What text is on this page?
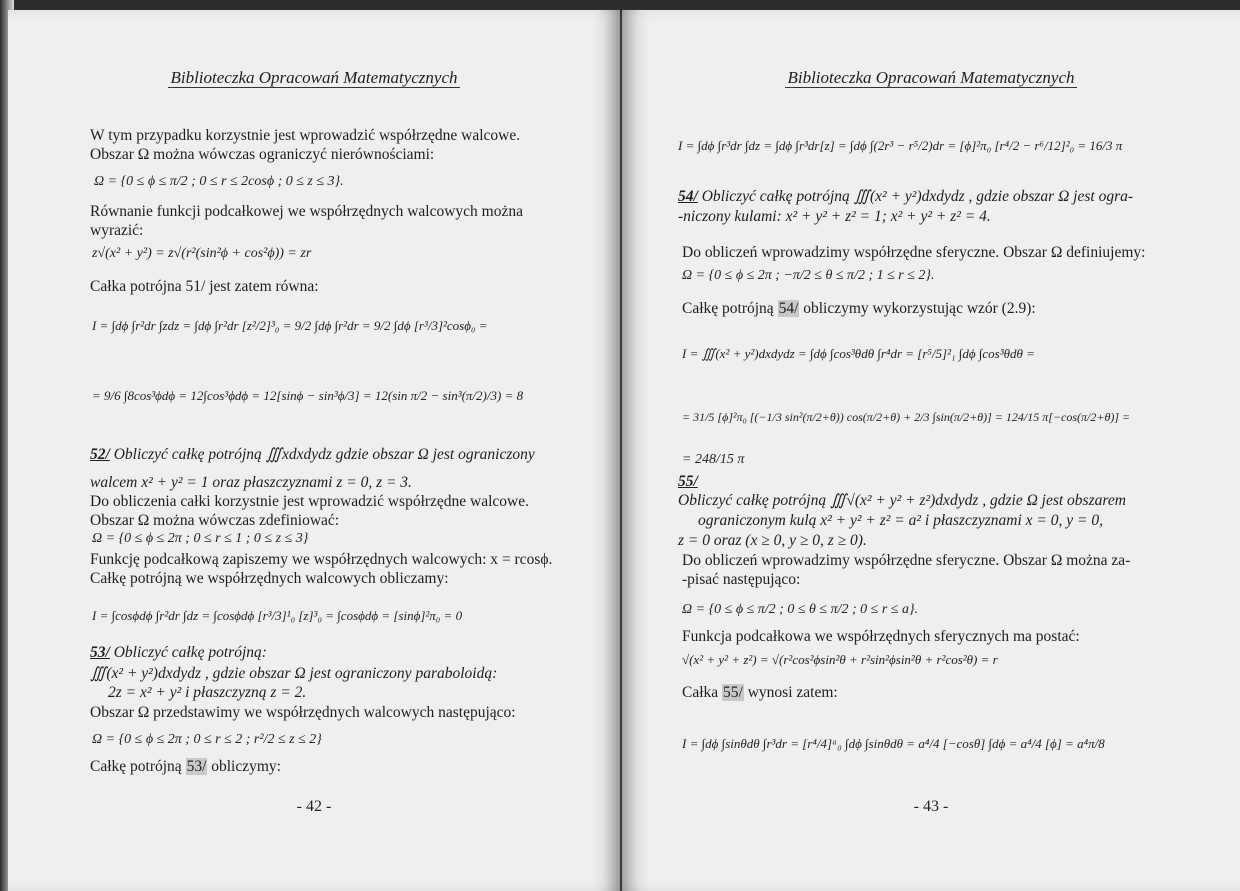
Biblioteczka Opracowań Matematycznych
W tym przypadku korzystnie jest wprowadzić współrzędne walcowe.
Obszar Ω można wówczas ograniczyć nierównościami:
Ω = {0 ≤ ϕ ≤ π/2 ; 0 ≤ r ≤ 2cosϕ ; 0 ≤ z ≤ 3}.
Równanie funkcji podcałkowej we współrzędnych walcowych można
wyrazić:
z√(x² + y²) = z√(r²(sin²ϕ + cos²ϕ)) = zr
Całka potrójna 51/ jest zatem równa:
I = ∫dϕ ∫r²dr ∫zdz = ∫dϕ ∫r²dr [z²/2]³₀ = 9/2 ∫dϕ ∫r²dr = 9/2 ∫dϕ [r³/3]²cosϕ₀ =
= 9/6 ∫8cos³ϕdϕ = 12∫cos³ϕdϕ = 12[sinϕ − sin³ϕ/3] = 12(sin π/2 − sin³(π/2)/3) = 8
52/ Obliczyć całkę potrójną ∭xdxdydz gdzie obszar Ω jest ograniczony
walcem x² + y² = 1 oraz płaszczyznami z = 0, z = 3.
Do obliczenia całki korzystnie jest wprowadzić współrzędne walcowe.
Obszar Ω można wówczas zdefiniować:
Ω = {0 ≤ ϕ ≤ 2π ; 0 ≤ r ≤ 1 ; 0 ≤ z ≤ 3}
Funkcję podcałkową zapiszemy we współrzędnych walcowych: x = rcosϕ.
Całkę potrójną we współrzędnych walcowych obliczamy:
I = ∫cosϕdϕ ∫r²dr ∫dz = ∫cosϕdϕ [r³/3]¹₀ [z]³₀ = ∫cosϕdϕ = [sinϕ]²π₀ = 0
53/ Obliczyć całkę potrójną:
∭(x² + y²)dxdydz , gdzie obszar Ω jest ograniczony paraboloidą:
2z = x² + y² i płaszczyzną z = 2.
Obszar Ω przedstawimy we współrzędnych walcowych następująco:
Ω = {0 ≤ ϕ ≤ 2π ; 0 ≤ r ≤ 2 ; r²/2 ≤ z ≤ 2}
Całkę potrójną 53/ obliczymy:
- 42 -
Biblioteczka Opracowań Matematycznych
I = ∫dϕ ∫r³dr ∫dz = ∫dϕ ∫r³dr[z] = ∫dϕ ∫(2r³ − r⁵/2)dr = [ϕ]²π₀ [r⁴/2 − r⁶/12]²₀ = 16/3 π
54/ Obliczyć całkę potrójną ∭(x² + y²)dxdydz , gdzie obszar Ω jest ogra-
-niczony kulami: x² + y² + z² = 1; x² + y² + z² = 4.
Do obliczeń wprowadzimy współrzędne sferyczne. Obszar Ω definiujemy:
Ω = {0 ≤ ϕ ≤ 2π ; −π/2 ≤ θ ≤ π/2 ; 1 ≤ r ≤ 2}.
Całkę potrójną 54/ obliczymy wykorzystując wzór (2.9):
I = ∭(x² + y²)dxdydz = ∫dϕ ∫cos³θdθ ∫r⁴dr = [r⁵/5]²₁ ∫dϕ ∫cos³θdθ =
= 31/5 [ϕ]²π₀ [(−1/3 sin²(π/2+θ)) cos(π/2+θ) + 2/3 ∫sin(π/2+θ)] = 124/15 π[−cos(π/2+θ)] =
= 248/15 π
55/
Obliczyć całkę potrójną ∭√(x² + y² + z²)dxdydz , gdzie Ω jest obszarem
ograniczonym kulą x² + y² + z² = a² i płaszczyznami x = 0, y = 0,
z = 0 oraz (x ≥ 0, y ≥ 0, z ≥ 0).
Do obliczeń wprowadzimy współrzędne sferyczne. Obszar Ω można za-
-pisać następująco:
Ω = {0 ≤ ϕ ≤ π/2 ; 0 ≤ θ ≤ π/2 ; 0 ≤ r ≤ a}.
Funkcja podcałkowa we współrzędnych sferycznych ma postać:
√(x² + y² + z²) = √(r²cos²ϕsin²θ + r²sin²ϕsin²θ + r²cos²θ) = r
Całka 55/ wynosi zatem:
I = ∫dϕ ∫sinθdθ ∫r³dr = [r⁴/4]ᵃ₀ ∫dϕ ∫sinθdθ = a⁴/4 [−cosθ] ∫dϕ = a⁴/4 [ϕ] = a⁴π/8
- 43 -
